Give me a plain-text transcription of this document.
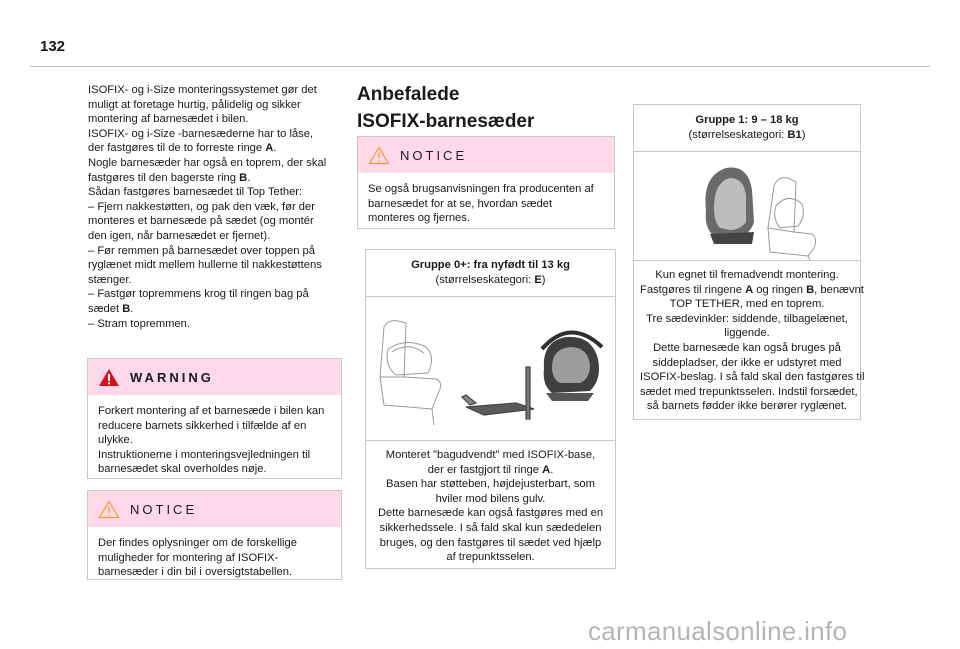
132
ISOFIX- og i-Size monteringssystemet gør det
muligt at foretage hurtig, pålidelig og sikker
montering af barnesædet i bilen.
ISOFIX- og i-Size -barnesæderne har to låse,
der fastgøres til de to forreste ringe A.
Nogle barnesæder har også en toprem, der skal
fastgøres til den bagerste ring B.
Sådan fastgøres barnesædet til Top Tether:
– Fjern nakkestøtten, og pak den væk, før der
monteres et barnesæde på sædet (og montér
den igen, når barnesædet er fjernet).
– Før remmen på barnesædet over toppen på
ryglænet midt mellem hullerne til nakkestøttens
stænger.
– Fastgør topremmens krog til ringen bag på
sædet B.
– Stram topremmen.
WARNING
Forkert montering af et barnesæde i bilen kan
reducere barnets sikkerhed i tilfælde af en
ulykke.
Instruktionerne i monteringsvejledningen til
barnesædet skal overholdes nøje.
NOTICE
Der findes oplysninger om de forskellige
muligheder for montering af ISOFIX-
barnesæder i din bil i oversigtstabellen.
Anbefalede
ISOFIX-barnesæder
NOTICE
Se også brugsanvisningen fra producenten af
barnesædet for at se, hvordan sædet
monteres og fjernes.
Gruppe 0+: fra nyfødt til 13 kg
(størrelseskategori: E)
Monteret "bagudvendt" med ISOFIX-base,
der er fastgjort til ringe A.
Basen har støtteben, højdejusterbart, som
hviler mod bilens gulv.
Dette barnesæde kan også fastgøres med en
sikkerhedssele. I så fald skal kun sædedelen
bruges, og den fastgøres til sædet ved hjælp
af trepunktsselen.
Gruppe 1: 9 – 18 kg
(størrelseskategori: B1)
Kun egnet til fremadvendt montering.
Fastgøres til ringene A og ringen B, benævnt
TOP TETHER, med en toprem.
Tre sædevinkler: siddende, tilbagelænet,
liggende.
Dette barnesæde kan også bruges på
siddepladser, der ikke er udstyret med
ISOFIX-beslag. I så fald skal den fastgøres til
sædet med trepunktsselen. Indstil forsædet,
så barnets fødder ikke berører ryglænet.
carmanualsonline.info
